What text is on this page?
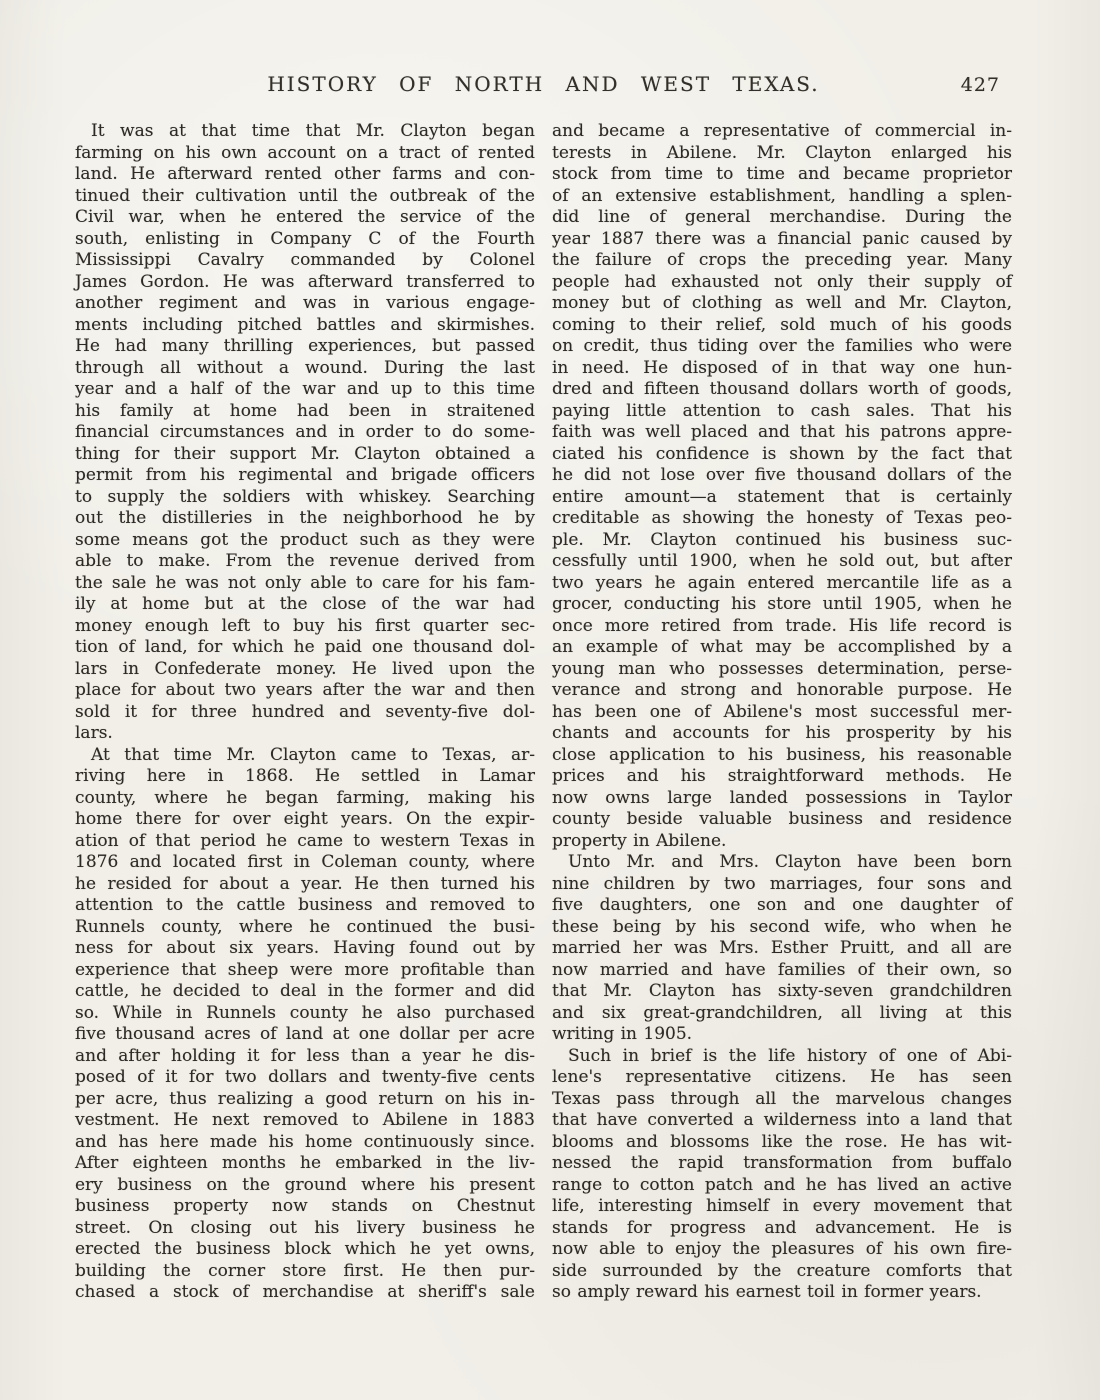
HISTORY OF NORTH AND WEST TEXAS.	427
It was at that time that Mr. Clayton began
farming on his own account on a tract of rented
land. He afterward rented other farms and con-
tinued their cultivation until the outbreak of the
Civil war, when he entered the service of the
south, enlisting in Company C of the Fourth
Mississippi Cavalry commanded by Colonel
James Gordon. He was afterward transferred to
another regiment and was in various engage-
ments including pitched battles and skirmishes.
He had many thrilling experiences, but passed
through all without a wound. During the last
year and a half of the war and up to this time
his family at home had been in straitened
financial circumstances and in order to do some-
thing for their support Mr. Clayton obtained a
permit from his regimental and brigade officers
to supply the soldiers with whiskey. Searching
out the distilleries in the neighborhood he by
some means got the product such as they were
able to make. From the revenue derived from
the sale he was not only able to care for his fam-
ily at home but at the close of the war had
money enough left to buy his first quarter sec-
tion of land, for which he paid one thousand dol-
lars in Confederate money. He lived upon the
place for about two years after the war and then
sold it for three hundred and seventy-five dol-
lars.
At that time Mr. Clayton came to Texas, ar-
riving here in 1868. He settled in Lamar
county, where he began farming, making his
home there for over eight years. On the expir-
ation of that period he came to western Texas in
1876 and located first in Coleman county, where
he resided for about a year. He then turned his
attention to the cattle business and removed to
Runnels county, where he continued the busi-
ness for about six years. Having found out by
experience that sheep were more profitable than
cattle, he decided to deal in the former and did
so. While in Runnels county he also purchased
five thousand acres of land at one dollar per acre
and after holding it for less than a year he dis-
posed of it for two dollars and twenty-five cents
per acre, thus realizing a good return on his in-
vestment. He next removed to Abilene in 1883
and has here made his home continuously since.
After eighteen months he embarked in the liv-
ery business on the ground where his present
business property now stands on Chestnut
street. On closing out his livery business he
erected the business block which he yet owns,
building the corner store first. He then pur-
chased a stock of merchandise at sheriff's sale
and became a representative of commercial in-
terests in Abilene. Mr. Clayton enlarged his
stock from time to time and became proprietor
of an extensive establishment, handling a splen-
did line of general merchandise. During the
year 1887 there was a financial panic caused by
the failure of crops the preceding year. Many
people had exhausted not only their supply of
money but of clothing as well and Mr. Clayton,
coming to their relief, sold much of his goods
on credit, thus tiding over the families who were
in need. He disposed of in that way one hun-
dred and fifteen thousand dollars worth of goods,
paying little attention to cash sales. That his
faith was well placed and that his patrons appre-
ciated his confidence is shown by the fact that
he did not lose over five thousand dollars of the
entire amount—a statement that is certainly
creditable as showing the honesty of Texas peo-
ple. Mr. Clayton continued his business suc-
cessfully until 1900, when he sold out, but after
two years he again entered mercantile life as a
grocer, conducting his store until 1905, when he
once more retired from trade. His life record is
an example of what may be accomplished by a
young man who possesses determination, perse-
verance and strong and honorable purpose. He
has been one of Abilene's most successful mer-
chants and accounts for his prosperity by his
close application to his business, his reasonable
prices and his straightforward methods. He
now owns large landed possessions in Taylor
county beside valuable business and residence
property in Abilene.
Unto Mr. and Mrs. Clayton have been born
nine children by two marriages, four sons and
five daughters, one son and one daughter of
these being by his second wife, who when he
married her was Mrs. Esther Pruitt, and all are
now married and have families of their own, so
that Mr. Clayton has sixty-seven grandchildren
and six great-grandchildren, all living at this
writing in 1905.
Such in brief is the life history of one of Abi-
lene's representative citizens. He has seen
Texas pass through all the marvelous changes
that have converted a wilderness into a land that
blooms and blossoms like the rose. He has wit-
nessed the rapid transformation from buffalo
range to cotton patch and he has lived an active
life, interesting himself in every movement that
stands for progress and advancement. He is
now able to enjoy the pleasures of his own fire-
side surrounded by the creature comforts that
so amply reward his earnest toil in former years.
